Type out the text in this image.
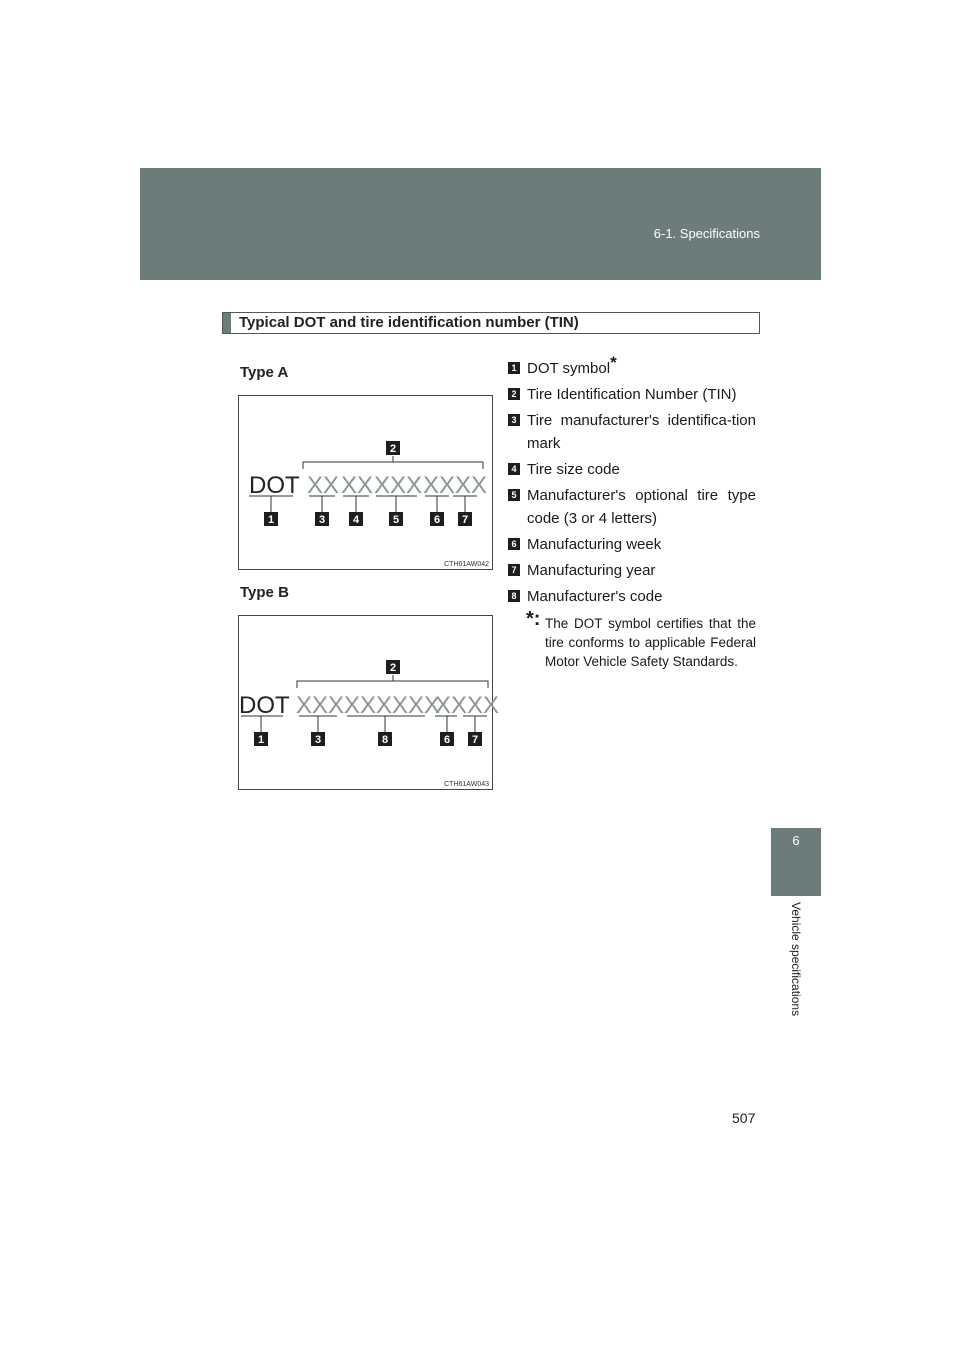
6-1. Specifications
6
Vehicle specifications
Typical DOT and tire identification number (TIN)
Type A
DOT XX XX XXX XXXX
2
1	3	4	5	6 7
CTH61AW042
Type B
DOT XXX XXXXXX
XXXX
2
1	3	8	6 7
CTH61AW043
1 DOT symbol*
2 Tire Identification Number (TIN)
3 Tire manufacturer's identifica-tion mark
4 Tire size code
5 Manufacturer's optional tire type code (3 or 4 letters)
6 Manufacturing week
7 Manufacturing year
8 Manufacturer's code
*: The DOT symbol certifies that the tire conforms to applicable Federal Motor Vehicle Safety Standards.
507
